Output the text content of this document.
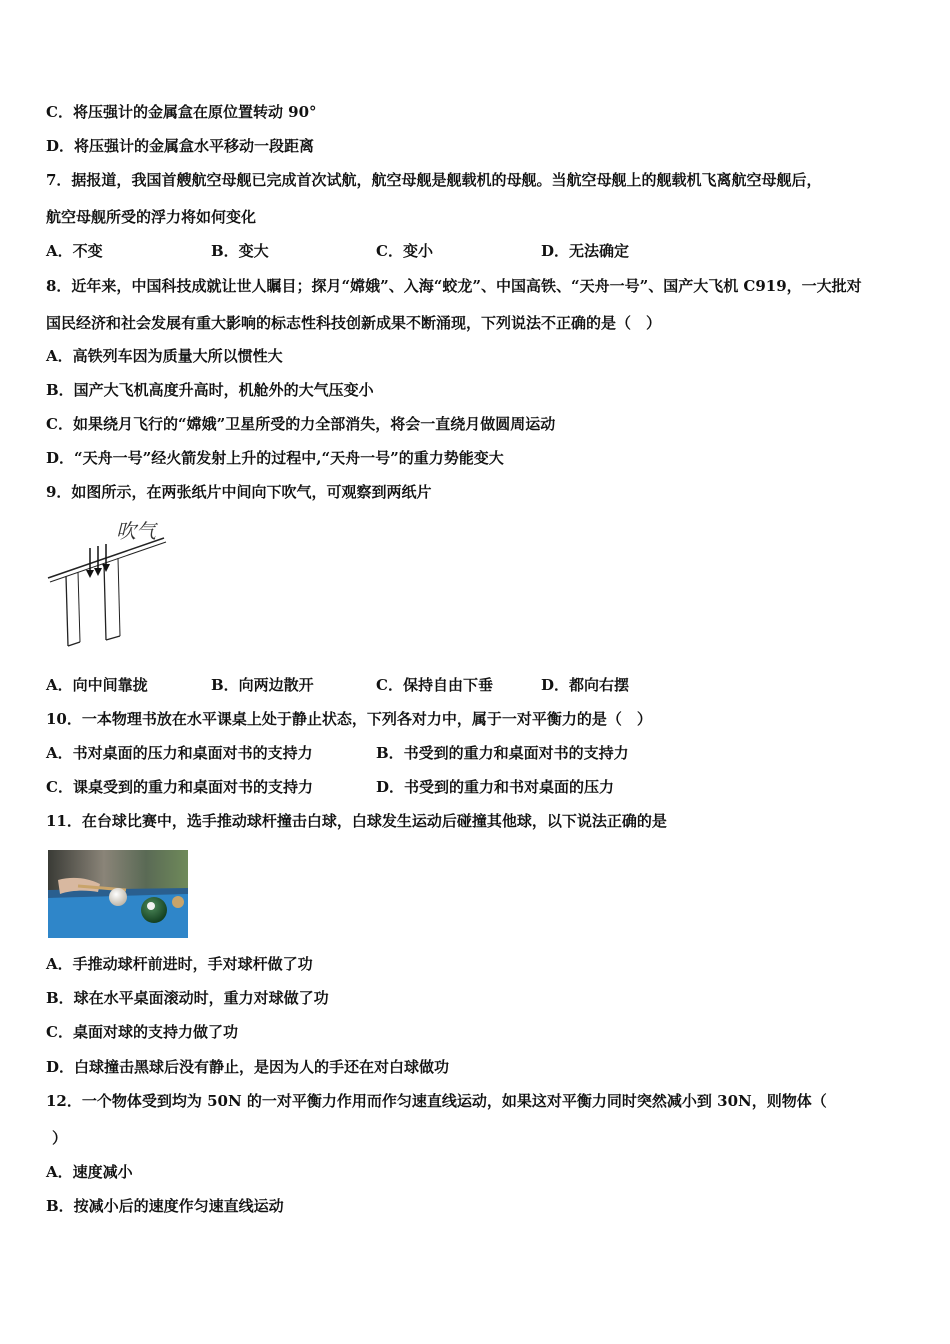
C．将压强计的金属盒在原位置转动 90°
D．将压强计的金属盒水平移动一段距离
7．据报道，我国首艘航空母舰已完成首次试航，航空母舰是舰载机的母舰。当航空母舰上的舰载机飞离航空母舰后，
航空母舰所受的浮力将如何变化
A．不变	B．变大	C．变小	D．无法确定
8．近年来，中国科技成就让世人瞩目；探月“嫦娥”、入海“蛟龙”、中国高铁、“天舟一号”、国产大飞机 C919，一大批对
国民经济和社会发展有重大影响的标志性科技创新成果不断涌现，下列说法不正确的是（　）
A．高铁列车因为质量大所以惯性大
B．国产大飞机高度升高时，机舱外的大气压变小
C．如果绕月飞行的“嫦娥”卫星所受的力全部消失，将会一直绕月做圆周运动
D．“天舟一号”经火箭发射上升的过程中,“天舟一号”的重力势能变大
9．如图所示，在两张纸片中间向下吹气，可观察到两纸片
吹气
A．向中间靠拢	B．向两边散开	C．保持自由下垂	D．都向右摆
10．一本物理书放在水平课桌上处于静止状态，下列各对力中，属于一对平衡力的是（　）
A．书对桌面的压力和桌面对书的支持力	B．书受到的重力和桌面对书的支持力
C．课桌受到的重力和桌面对书的支持力	D．书受到的重力和书对桌面的压力
11．在台球比赛中，选手推动球杆撞击白球，白球发生运动后碰撞其他球，以下说法正确的是
A．手推动球杆前进时，手对球杆做了功
B．球在水平桌面滚动时，重力对球做了功
C．桌面对球的支持力做了功
D．白球撞击黑球后没有静止，是因为人的手还在对白球做功
12．一个物体受到均为 50N 的一对平衡力作用而作匀速直线运动，如果这对平衡力同时突然减小到 30N，则物体（
）
A．速度减小
B．按减小后的速度作匀速直线运动
